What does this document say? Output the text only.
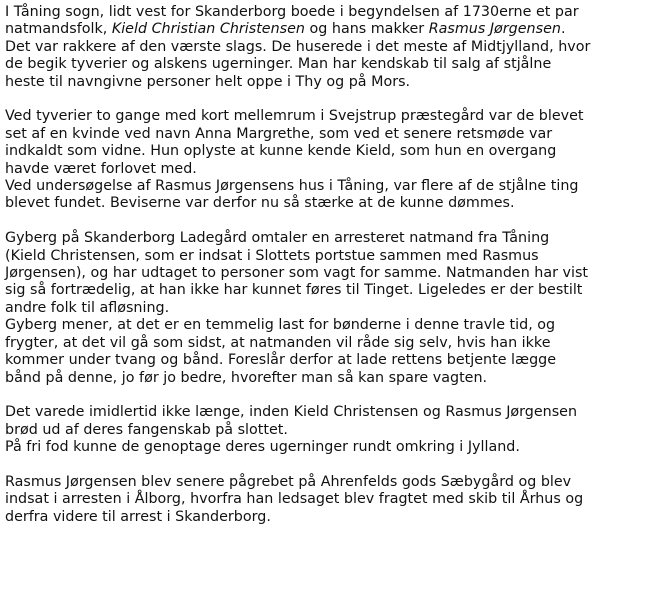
I Tåning sogn, lidt vest for Skanderborg boede i begyndelsen af 1730erne et par

natmandsfolk, Kield Christian Christensen og hans makker Rasmus Jørgensen.

Det var rakkere af den værste slags. De huserede i det meste af Midtjylland, hvor

de begik tyverier og alskens ugerninger. Man har kendskab til salg af stjålne

heste til navngivne personer helt oppe i Thy og på Mors.

Ved tyverier to gange med kort mellemrum i Svejstrup præstegård var de blevet

set af en kvinde ved navn Anna Margrethe, som ved et senere retsmøde var

indkaldt som vidne. Hun oplyste at kunne kende Kield, som hun en overgang

havde været forlovet med.

Ved undersøgelse af Rasmus Jørgensens hus i Tåning, var flere af de stjålne ting

blevet fundet. Beviserne var derfor nu så stærke at de kunne dømmes.

Gyberg på Skanderborg Ladegård omtaler en arresteret natmand fra Tåning

(Kield Christensen, som er indsat i Slottets portstue sammen med Rasmus

Jørgensen), og har udtaget to personer som vagt for samme. Natmanden har vist

sig så fortrædelig, at han ikke har kunnet føres til Tinget. Ligeledes er der bestilt

andre folk til afløsning.

Gyberg mener, at det er en temmelig last for bønderne i denne travle tid, og

frygter, at det vil gå som sidst, at natmanden vil råde sig selv, hvis han ikke

kommer under tvang og bånd. Foreslår derfor at lade rettens betjente lægge

bånd på denne, jo før jo bedre, hvorefter man så kan spare vagten.

Det varede imidlertid ikke længe, inden Kield Christensen og Rasmus Jørgensen

brød ud af deres fangenskab på slottet.

På fri fod kunne de genoptage deres ugerninger rundt omkring i Jylland.

Rasmus Jørgensen blev senere pågrebet på Ahrenfelds gods Sæbygård og blev

indsat i arresten i Ålborg, hvorfra han ledsaget blev fragtet med skib til Århus og

derfra videre til arrest i Skanderborg.
